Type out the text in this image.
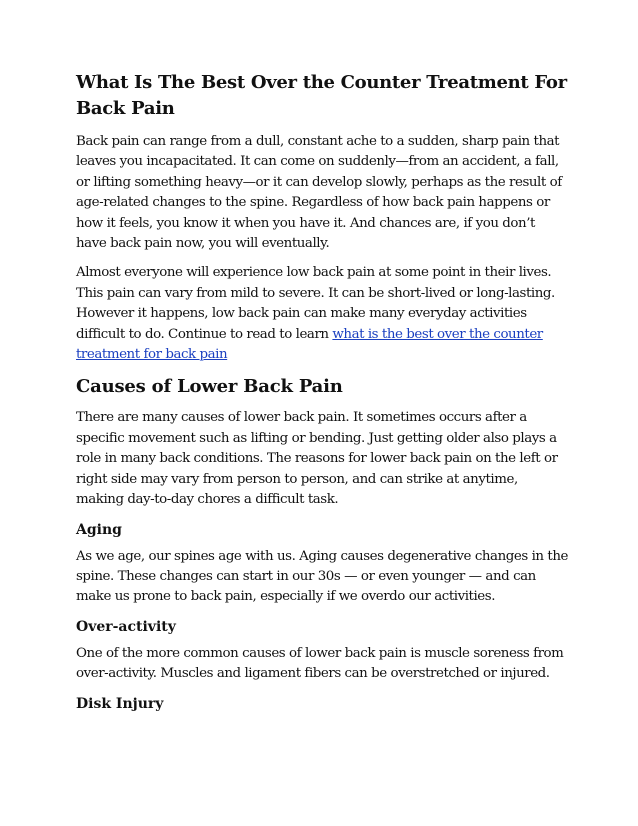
What Is The Best Over the Counter Treatment For Back Pain

Back pain can range from a dull, constant ache to a sudden, sharp pain that leaves you incapacitated. It can come on suddenly—from an accident, a fall, or lifting something heavy—or it can develop slowly, perhaps as the result of age-related changes to the spine. Regardless of how back pain happens or how it feels, you know it when you have it. And chances are, if you don’t have back pain now, you will eventually.

Almost everyone will experience low back pain at some point in their lives. This pain can vary from mild to severe. It can be short-lived or long-lasting. However it happens, low back pain can make many everyday activities difficult to do. Continue to read to learn what is the best over the counter treatment for back pain

Causes of Lower Back Pain

There are many causes of lower back pain. It sometimes occurs after a specific movement such as lifting or bending. Just getting older also plays a role in many back conditions. The reasons for lower back pain on the left or right side may vary from person to person, and can strike at anytime, making day-to-day chores a difficult task.

Aging

As we age, our spines age with us. Aging causes degenerative changes in the spine. These changes can start in our 30s — or even younger — and can make us prone to back pain, especially if we overdo our activities.

Over-activity

One of the more common causes of lower back pain is muscle soreness from over-activity. Muscles and ligament fibers can be overstretched or injured.

Disk Injury
